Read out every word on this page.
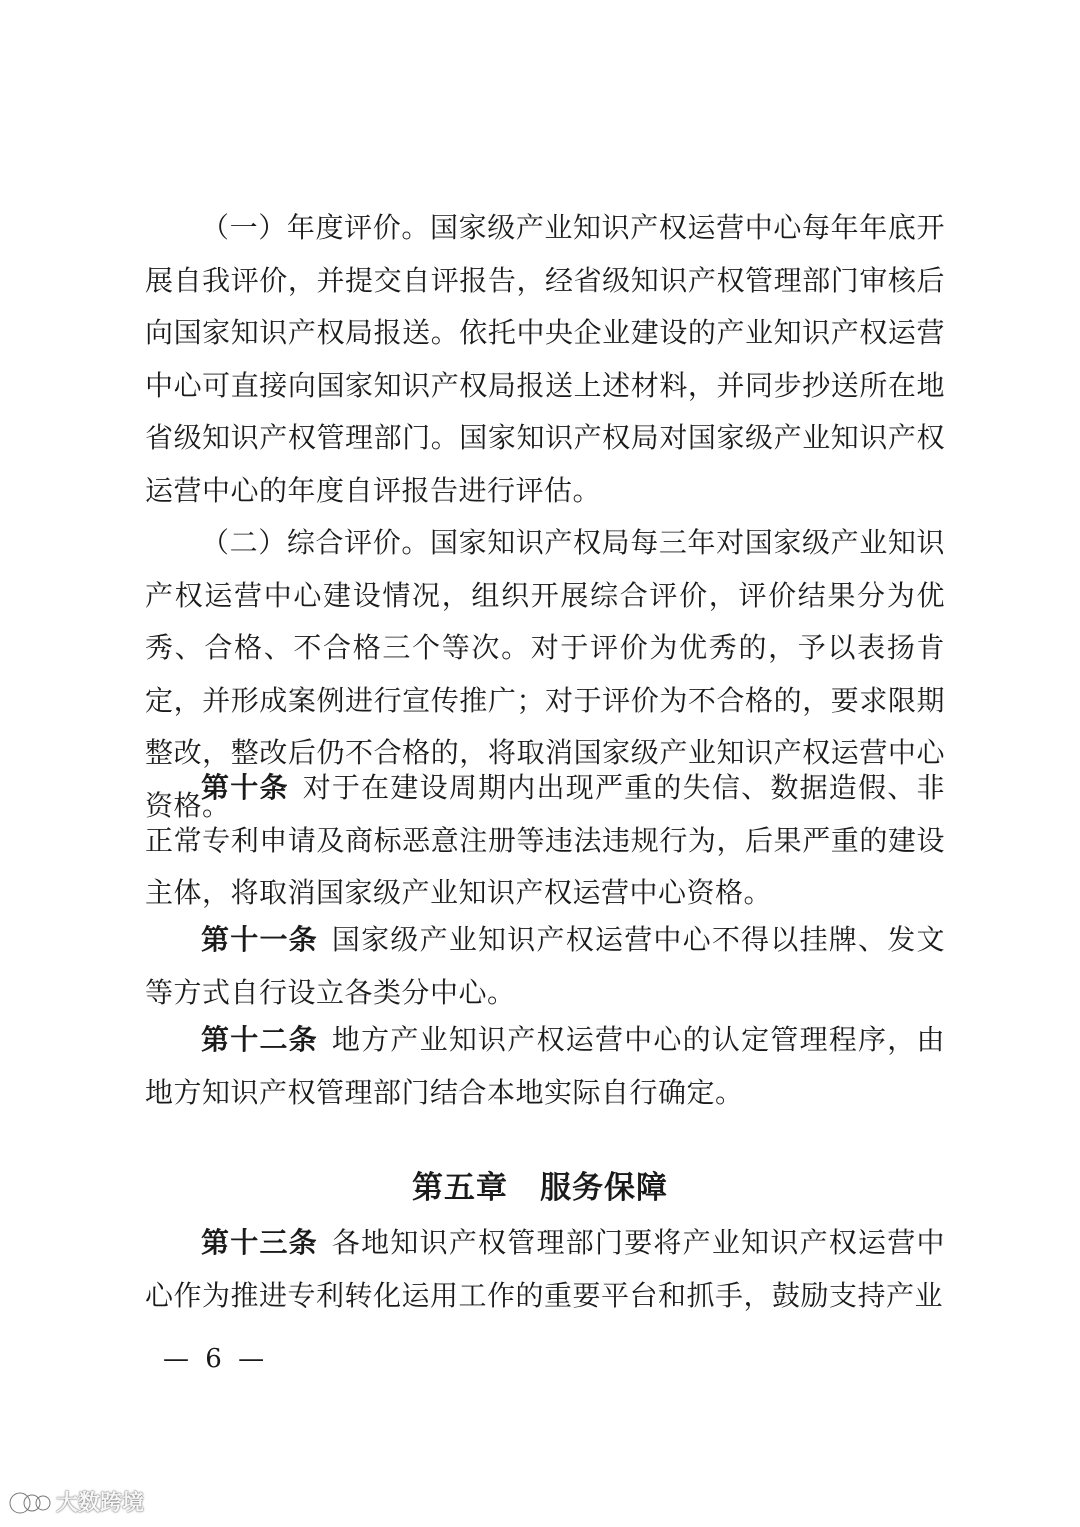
（一）年度评价。国家级产业知识产权运营中心每年年底开展自我评价，并提交自评报告，经省级知识产权管理部门审核后向国家知识产权局报送。依托中央企业建设的产业知识产权运营中心可直接向国家知识产权局报送上述材料，并同步抄送所在地省级知识产权管理部门。国家知识产权局对国家级产业知识产权运营中心的年度自评报告进行评估。

（二）综合评价。国家知识产权局每三年对国家级产业知识产权运营中心建设情况，组织开展综合评价，评价结果分为优秀、合格、不合格三个等次。对于评价为优秀的，予以表扬肯定，并形成案例进行宣传推广；对于评价为不合格的，要求限期整改，整改后仍不合格的，将取消国家级产业知识产权运营中心资格。

第十条 对于在建设周期内出现严重的失信、数据造假、非正常专利申请及商标恶意注册等违法违规行为，后果严重的建设主体，将取消国家级产业知识产权运营中心资格。

第十一条 国家级产业知识产权运营中心不得以挂牌、发文等方式自行设立各类分中心。

第十二条 地方产业知识产权运营中心的认定管理程序，由地方知识产权管理部门结合本地实际自行确定。

第五章　服务保障

第十三条 各地知识产权管理部门要将产业知识产权运营中心作为推进专利转化运用工作的重要平台和抓手，鼓励支持产业

— 6 —
大数跨境
